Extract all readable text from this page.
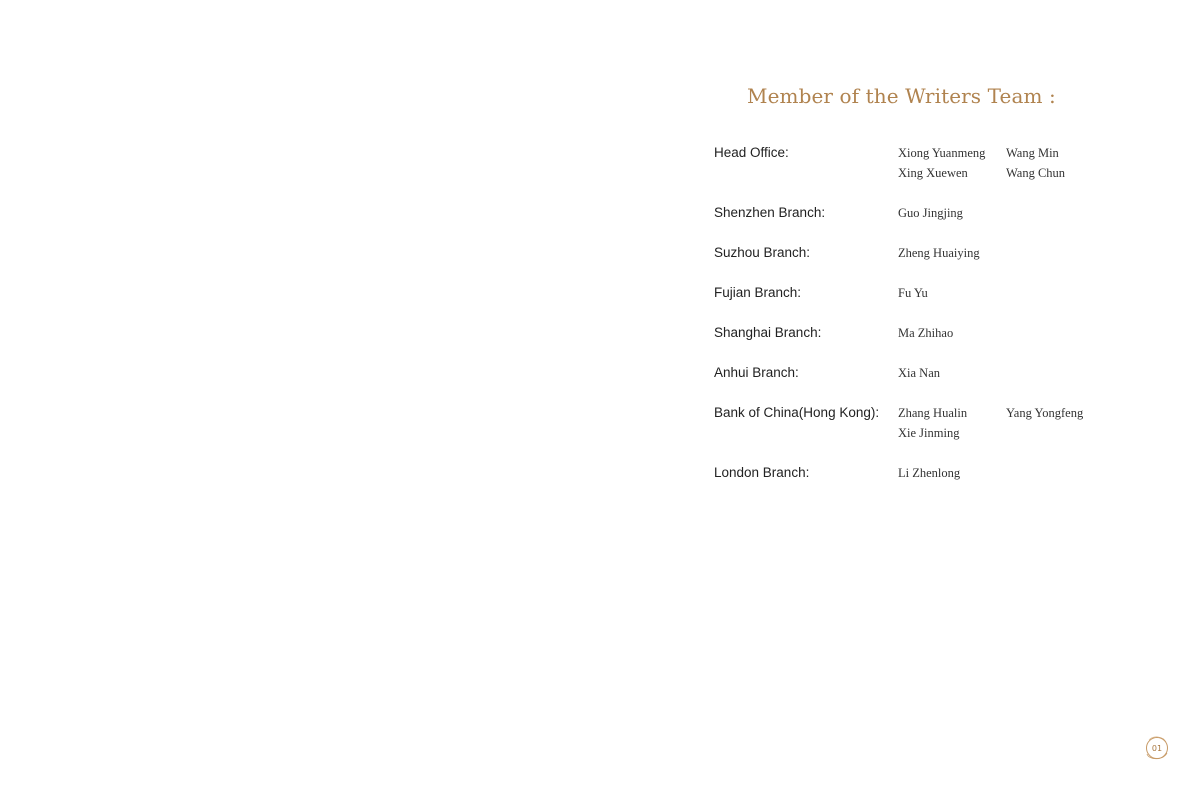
Member of the Writers Team :
Head Office:	Xiong Yuanmeng	Wang Min
Xing Xuewen	Wang Chun
Shenzhen Branch:	Guo Jingjing
Suzhou Branch:	Zheng Huaiying
Fujian Branch:	Fu Yu
Shanghai Branch:	Ma Zhihao
Anhui Branch:	Xia Nan
Bank of China(Hong Kong): Zhang Hualin	Yang Yongfeng
Xie Jinming
London Branch:	Li Zhenlong
01
